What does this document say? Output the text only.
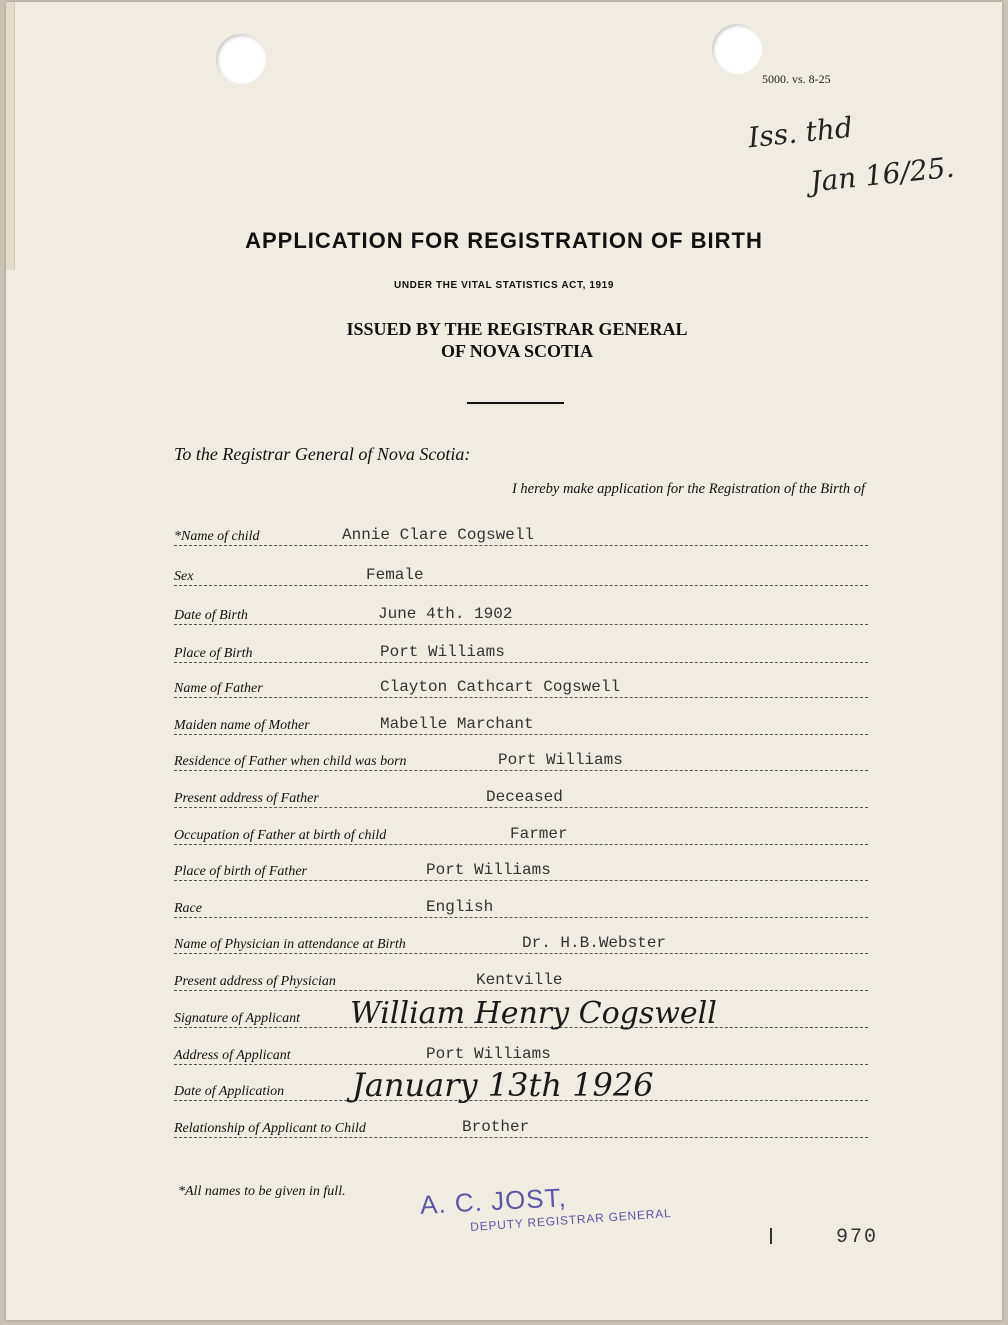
5000. vs. 8-25
Iss. thd
Jan 16/25.
APPLICATION FOR REGISTRATION OF BIRTH
UNDER THE VITAL STATISTICS ACT, 1919
ISSUED BY THE REGISTRAR GENERAL
OF NOVA SCOTIA
To the Registrar General of Nova Scotia:
I hereby make application for the Registration of the Birth of
*Name of child	Annie Clare Cogswell
Sex	Female
Date of Birth	June 4th. 1902
Place of Birth	Port Williams
Name of Father	Clayton Cathcart Cogswell
Maiden name of Mother	Mabelle Marchant
Residence of Father when child was born	Port Williams
Present address of Father	Deceased
Occupation of Father at birth of child	Farmer
Place of birth of Father	Port Williams
Race	English
Name of Physician in attendance at Birth	Dr. H.B.Webster
Present address of Physician	Kentville
Signature of Applicant William Henry Cogswell
Address of Applicant	Port Williams
Date of Application January 13th 1926
Relationship of Applicant to Child	Brother
*All names to be given in full.	A. C. JOST,
DEPUTY REGISTRAR GENERAL
970
